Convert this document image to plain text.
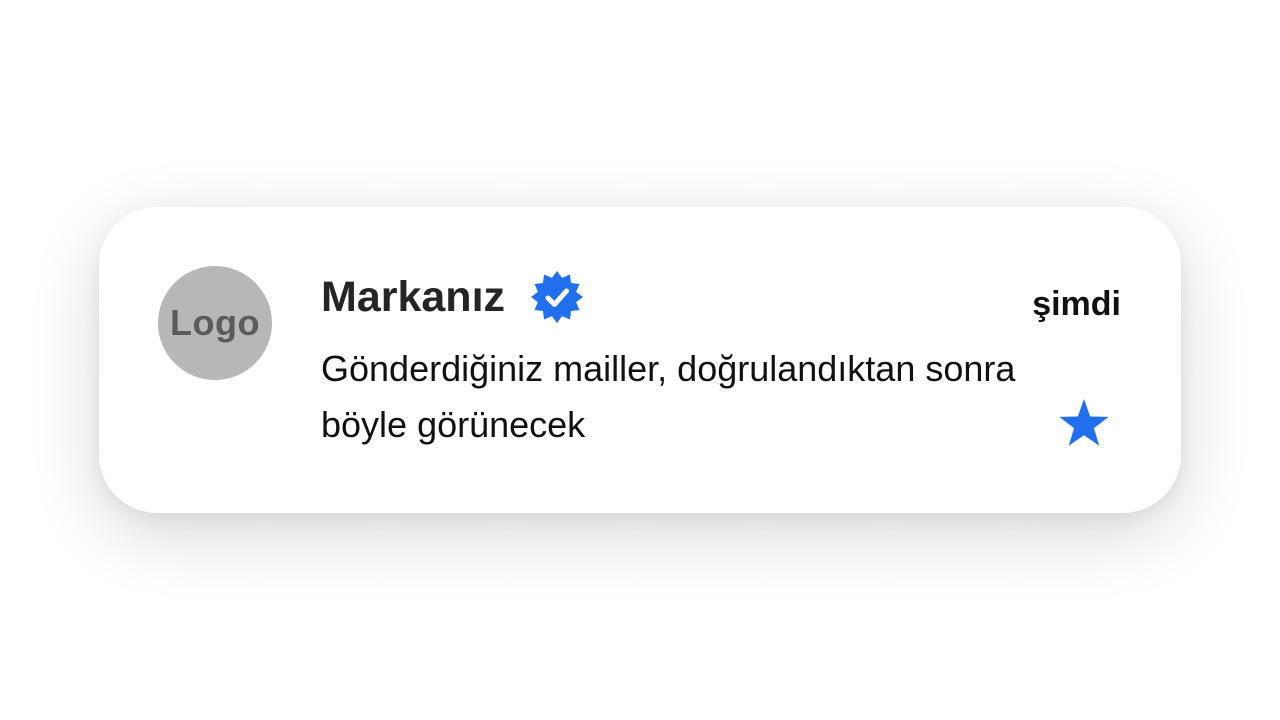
Logo
Markanız	şimdi

Gönderdiğiniz mailler, doğrulandıktan sonra böyle görünecek
